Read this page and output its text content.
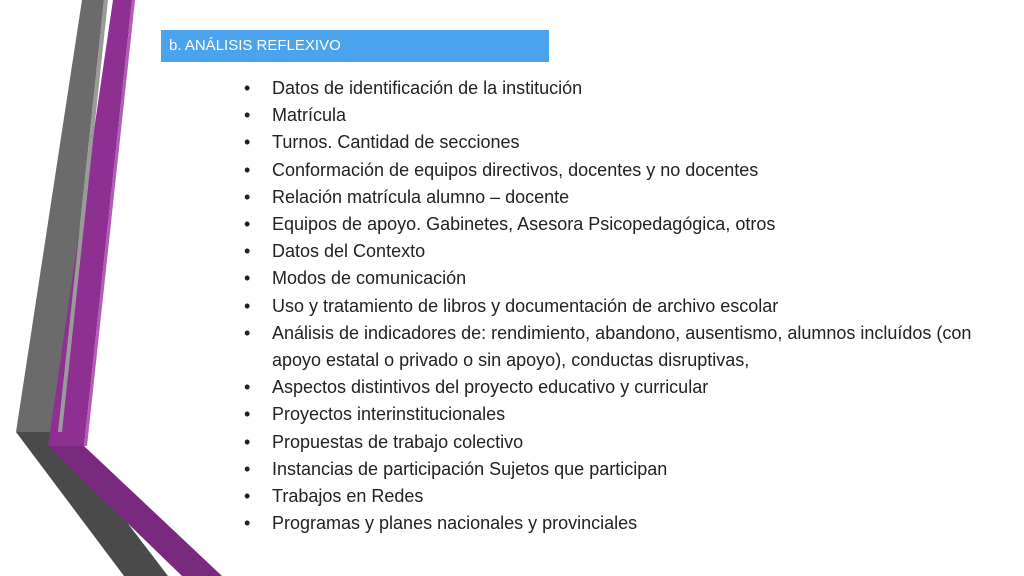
b. ANÁLISIS REFLEXIVO
•	Datos de identificación de la institución
•	Matrícula
•	Turnos. Cantidad de secciones
•	Conformación de equipos directivos, docentes y no docentes
•	Relación matrícula alumno – docente
•	Equipos de apoyo. Gabinetes, Asesora Psicopedagógica, otros
•	Datos del Contexto
•	Modos de comunicación
•	Uso y tratamiento de libros y documentación de archivo escolar
•	Análisis de indicadores de: rendimiento, abandono, ausentismo, alumnos incluídos (con apoyo estatal o privado o sin apoyo), conductas disruptivas,
•	Aspectos distintivos del proyecto educativo y curricular
•	Proyectos interinstitucionales
•	Propuestas de trabajo colectivo
•	Instancias de participación Sujetos que participan
•	Trabajos en Redes
•	Programas y planes nacionales y provinciales
